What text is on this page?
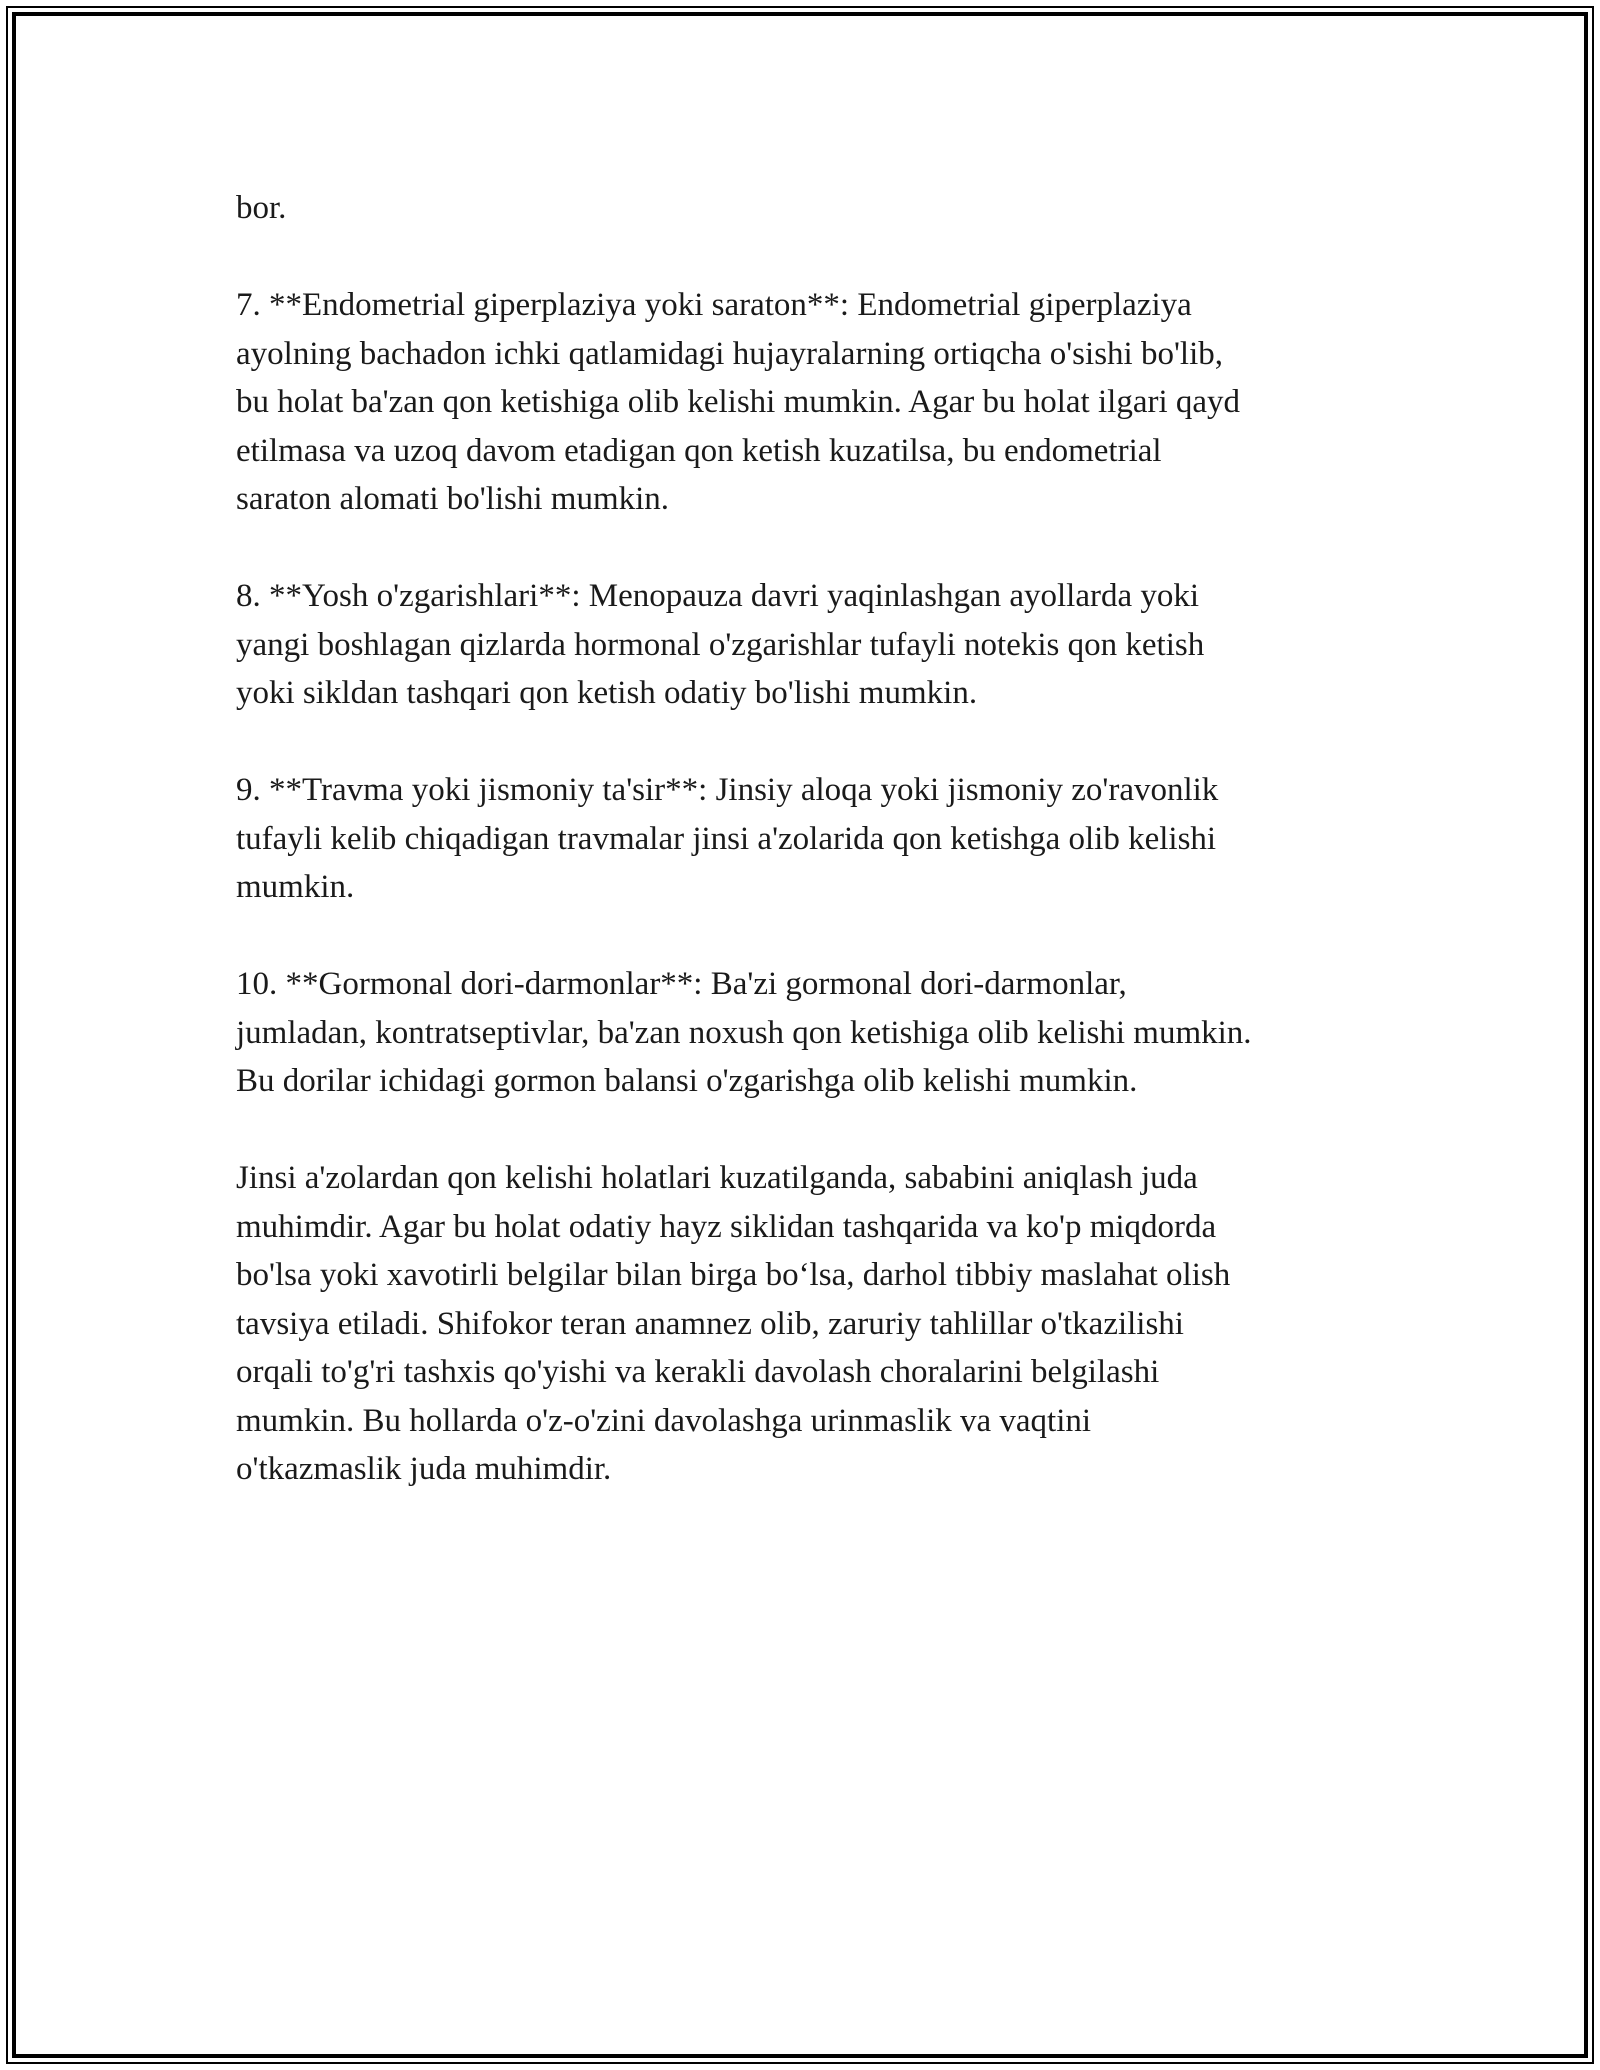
bor.

7. **Endometrial giperplaziya yoki saraton**: Endometrial giperplaziya
ayolning bachadon ichki qatlamidagi hujayralarning ortiqcha o'sishi bo'lib,
bu holat ba'zan qon ketishiga olib kelishi mumkin. Agar bu holat ilgari qayd
etilmasa va uzoq davom etadigan qon ketish kuzatilsa, bu endometrial
saraton alomati bo'lishi mumkin.

8. **Yosh o'zgarishlari**: Menopauza davri yaqinlashgan ayollarda yoki
yangi boshlagan qizlarda hormonal o'zgarishlar tufayli notekis qon ketish
yoki sikldan tashqari qon ketish odatiy bo'lishi mumkin.

9. **Travma yoki jismoniy ta'sir**: Jinsiy aloqa yoki jismoniy zo'ravonlik
tufayli kelib chiqadigan travmalar jinsi a'zolarida qon ketishga olib kelishi
mumkin.

10. **Gormonal dori-darmonlar**: Ba'zi gormonal dori-darmonlar,
jumladan, kontratseptivlar, ba'zan noxush qon ketishiga olib kelishi mumkin.
Bu dorilar ichidagi gormon balansi o'zgarishga olib kelishi mumkin.

Jinsi a'zolardan qon kelishi holatlari kuzatilganda, sababini aniqlash juda
muhimdir. Agar bu holat odatiy hayz siklidan tashqarida va ko'p miqdorda
bo'lsa yoki xavotirli belgilar bilan birga bo‘lsa, darhol tibbiy maslahat olish
tavsiya etiladi. Shifokor teran anamnez olib, zaruriy tahlillar o'tkazilishi
orqali to'g'ri tashxis qo'yishi va kerakli davolash choralarini belgilashi
mumkin. Bu hollarda o'z-o'zini davolashga urinmaslik va vaqtini
o'tkazmaslik juda muhimdir.
